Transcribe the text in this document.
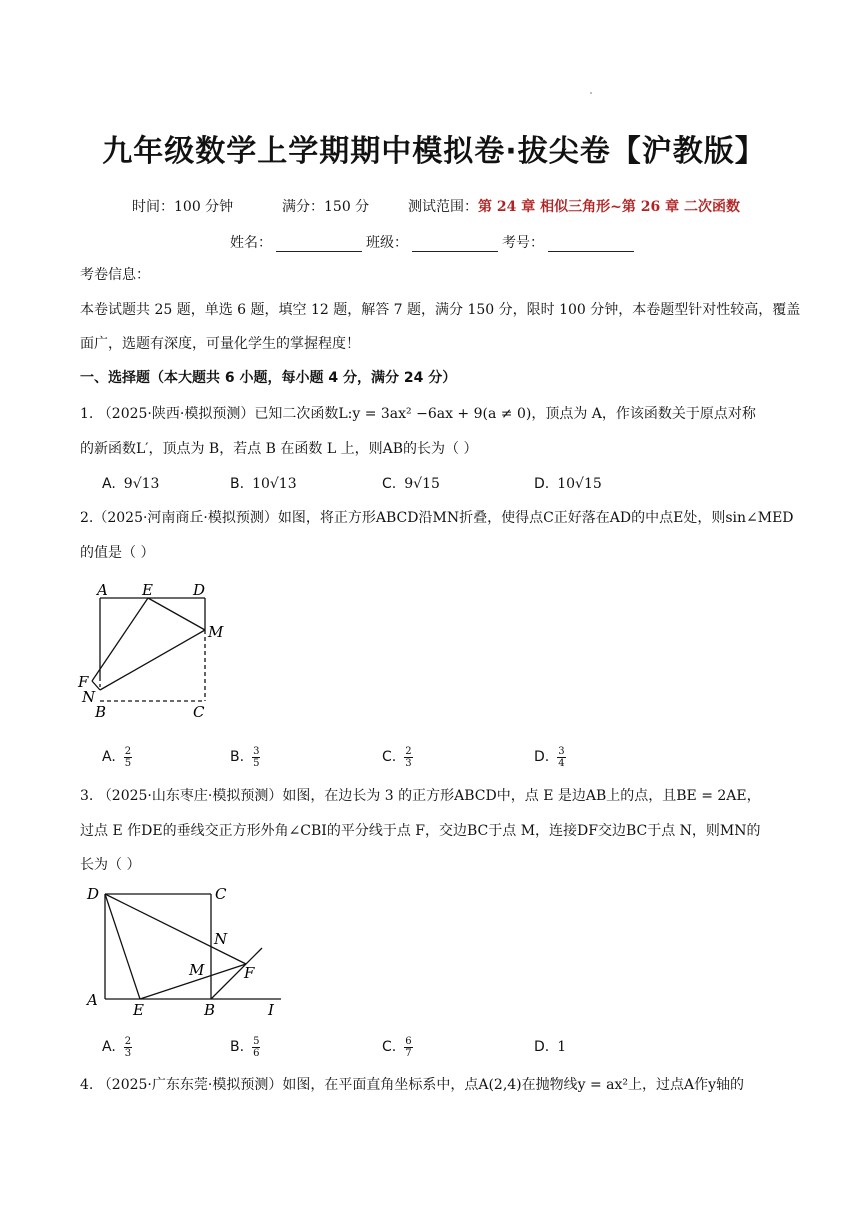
九年级数学上学期期中模拟卷·拔尖卷【沪教版】
时间：100 分钟	满分：150 分	测试范围：第 24 章 相似三角形~第 26 章 二次函数
姓名：	班级：	考号：
考卷信息：
本卷试题共 25 题，单选 6 题，填空 12 题，解答 7 题，满分 150 分，限时 100 分钟，本卷题型针对性较高，覆盖
面广，选题有深度，可量化学生的掌握程度！
一、选择题（本大题共 6 小题，每小题 4 分，满分 24 分）
1. （2025·陕西·模拟预测）已知二次函数L:y = 3ax² −6ax + 9(a ≠ 0)，顶点为 A，作该函数关于原点对称
的新函数L′，顶点为 B，若点 B 在函数 L 上，则AB的长为（ ）
A. 9√13	B. 10√13	C. 9√15	D. 10√15
2.（2025·河南商丘·模拟预测）如图，将正方形ABCD沿MN折叠，使得点C正好落在AD的中点E处，则sin∠MED
的值是（ ）
A E	D
M
F
N
B	C
A. $\frac{2}{5}$	B. $\frac{3}{5}$	C. $\frac{2}{3}$	D. $\frac{3}{4}$
3. （2025·山东枣庄·模拟预测）如图，在边长为 3 的正方形ABCD中，点 E 是边AB上的点，且BE = 2AE，
过点 E 作DE的垂线交正方形外角∠CBI的平分线于点 F，交边BC于点 M，连接DF交边BC于点 N，则MN的
长为（ ）
D	C
N
M	F
A
E	B	I
A. $\frac{2}{3}$	B. $\frac{5}{6}$	C. $\frac{6}{7}$	D. 1
4. （2025·广东东莞·模拟预测）如图，在平面直角坐标系中，点A(2,4)在抛物线y = ax²上，过点A作y轴的
